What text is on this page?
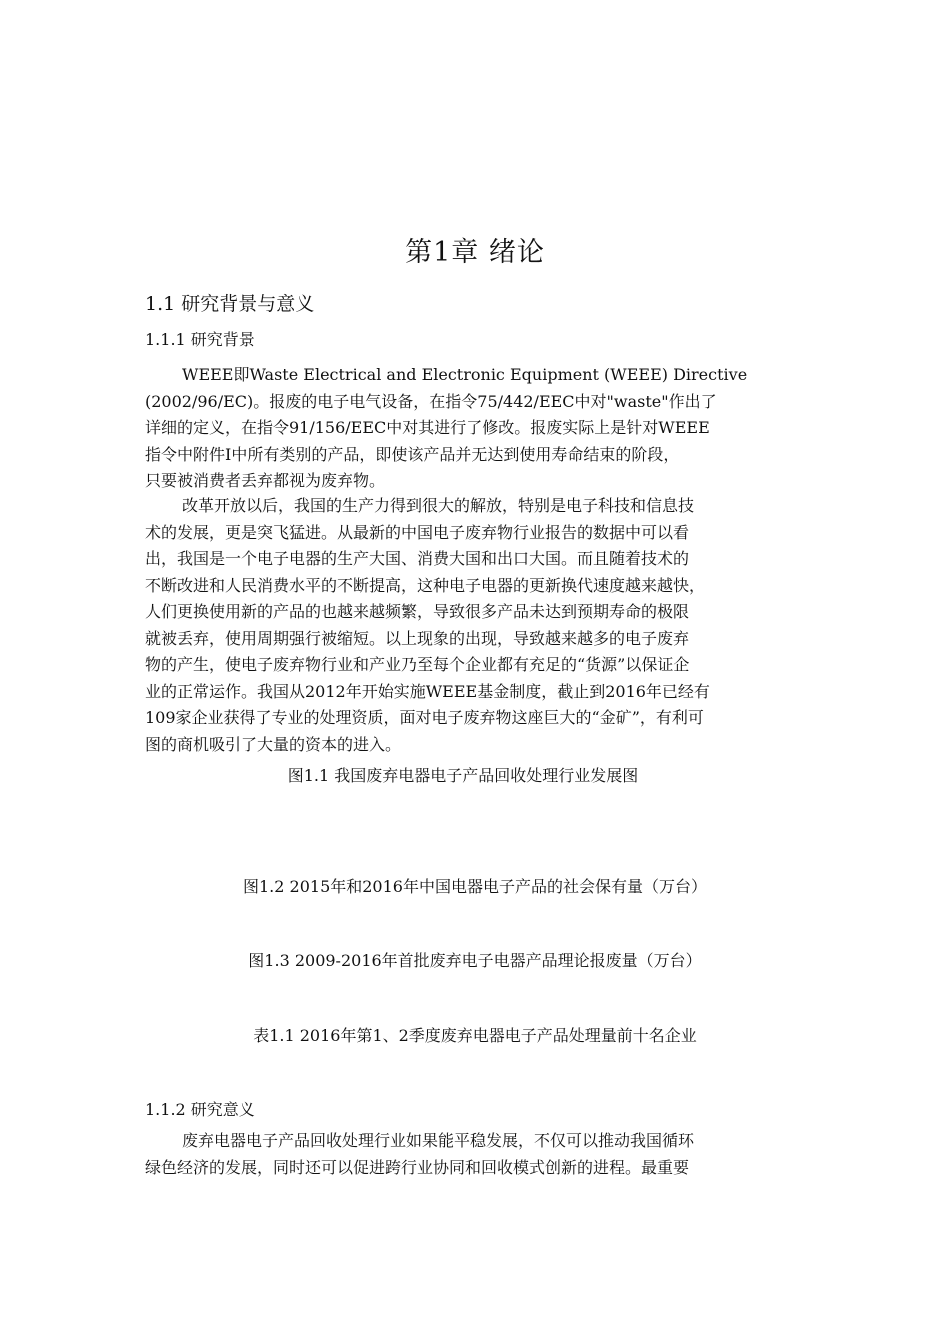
第1章 绪论
1.1 研究背景与意义
1.1.1 研究背景
WEEE即Waste Electrical and Electronic Equipment (WEEE) Directive
(2002/96/EC)。报废的电子电气设备，在指令75/442/EEC中对"waste"作出了
详细的定义，在指令91/156/EEC中对其进行了修改。报废实际上是针对WEEE
指令中附件Ⅰ中所有类别的产品，即使该产品并无达到使用寿命结束的阶段，
只要被消费者丢弃都视为废弃物。
改革开放以后，我国的生产力得到很大的解放，特别是电子科技和信息技
术的发展，更是突飞猛进。从最新的中国电子废弃物行业报告的数据中可以看
出，我国是一个电子电器的生产大国、消费大国和出口大国。而且随着技术的
不断改进和人民消费水平的不断提高，这种电子电器的更新换代速度越来越快，
人们更换使用新的产品的也越来越频繁，导致很多产品未达到预期寿命的极限
就被丢弃，使用周期强行被缩短。以上现象的出现，导致越来越多的电子废弃
物的产生，使电子废弃物行业和产业乃至每个企业都有充足的“货源”以保证企
业的正常运作。我国从2012年开始实施WEEE基金制度，截止到2016年已经有
109家企业获得了专业的处理资质，面对电子废弃物这座巨大的“金矿”，有利可
图的商机吸引了大量的资本的进入。
图1.1 我国废弃电器电子产品回收处理行业发展图
图1.2 2015年和2016年中国电器电子产品的社会保有量（万台）
图1.3 2009-2016年首批废弃电子电器产品理论报废量（万台）
表1.1 2016年第1、2季度废弃电器电子产品处理量前十名企业
1.1.2 研究意义
废弃电器电子产品回收处理行业如果能平稳发展，不仅可以推动我国循环
绿色经济的发展，同时还可以促进跨行业协同和回收模式创新的进程。最重要
